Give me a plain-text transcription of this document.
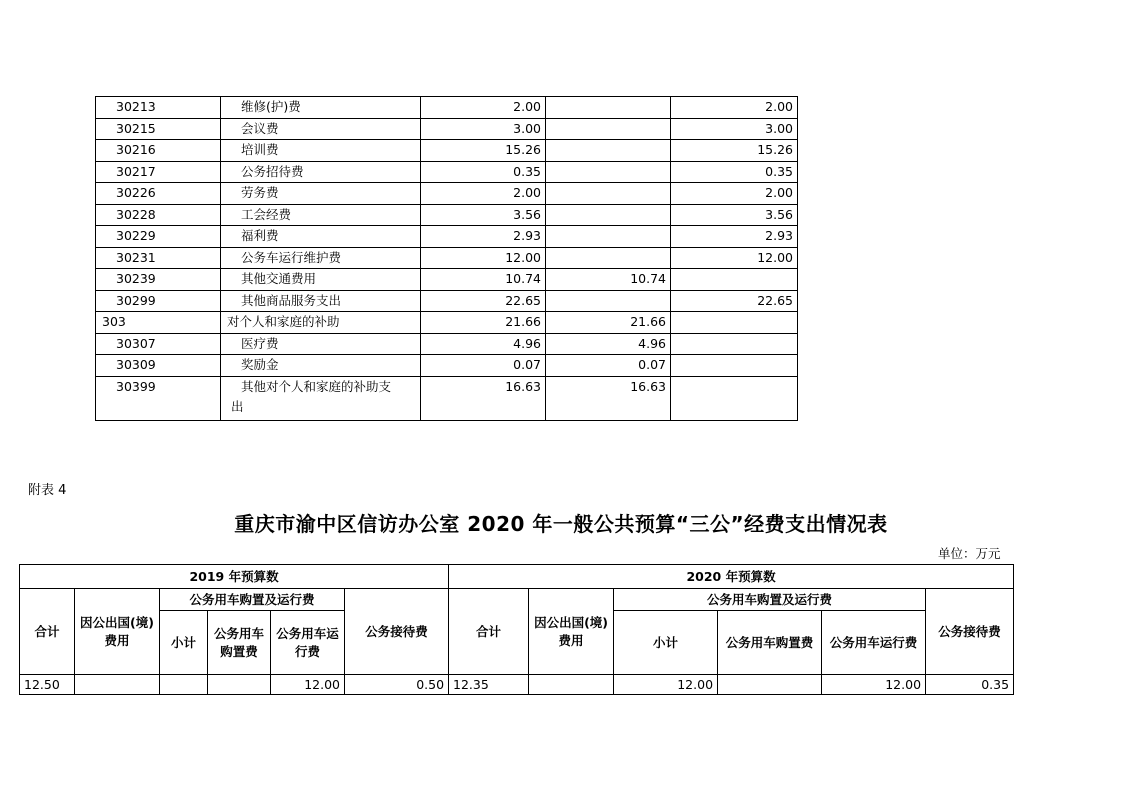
30213	维修(护)费	2.00		2.00
30215	会议费	3.00		3.00
30216	培训费	15.26		15.26
30217	公务招待费	0.35		0.35
30226	劳务费	2.00		2.00
30228	工会经费	3.56		3.56
30229	福利费	2.93		2.93
30231	公务车运行维护费	12.00		12.00
30239	其他交通费用	10.74	10.74	
30299	其他商品服务支出	22.65		22.65
303	对个人和家庭的补助	21.66	21.66	
30307	医疗费	4.96	4.96	
30309	奖励金	0.07	0.07	
30399	其他对个人和家庭的补助支
出	16.63	16.63	
附表 4
重庆市渝中区信访办公室 2020 年一般公共预算“三公”经费支出情况表
单位：万元
2019 年预算数						2020 年预算数					
合计	因公出国(境)费用	公务用车购置及运行费			公务接待费	合计	因公出国(境)费用	公务用车购置及运行费			公务接待费
		小计	公务用车购置费	公务用车运行费				小计	公务用车购置费	公务用车运行费	
12.50				12.00	0.50	12.35		12.00		12.00	0.35
